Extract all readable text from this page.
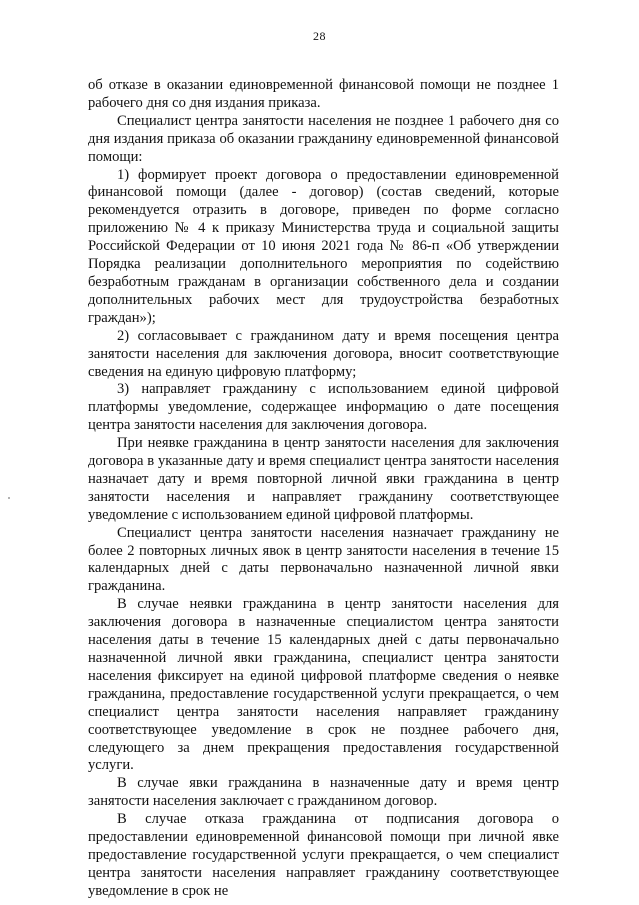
28

об отказе в оказании единовременной финансовой помощи не позднее 1 рабочего дня со дня издания приказа.

Специалист центра занятости населения не позднее 1 рабочего дня со дня издания приказа об оказании гражданину единовременной финансовой помощи:

1) формирует проект договора о предоставлении единовременной финансовой помощи (далее - договор) (состав сведений, которые рекомендуется отразить в договоре, приведен по форме согласно приложению № 4 к приказу Министерства труда и социальной защиты Российской Федерации от 10 июня 2021 года № 86-п «Об утверждении Порядка реализации дополнительного мероприятия по содействию безработным гражданам в организации собственного дела и создании дополнительных рабочих мест для трудоустройства безработных граждан»);

2) согласовывает с гражданином дату и время посещения центра занятости населения для заключения договора, вносит соответствующие сведения на единую цифровую платформу;

3) направляет гражданину с использованием единой цифровой платформы уведомление, содержащее информацию о дате посещения центра занятости населения для заключения договора.

При неявке гражданина в центр занятости населения для заключения договора в указанные дату и время специалист центра занятости населения назначает дату и время повторной личной явки гражданина в центр занятости населения и направляет гражданину соответствующее уведомление с использованием единой цифровой платформы.

Специалист центра занятости населения назначает гражданину не более 2 повторных личных явок в центр занятости населения в течение 15 календарных дней с даты первоначально назначенной личной явки гражданина.

В случае неявки гражданина в центр занятости населения для заключения договора в назначенные специалистом центра занятости населения даты в течение 15 календарных дней с даты первоначально назначенной личной явки гражданина, специалист центра занятости населения фиксирует на единой цифровой платформе сведения о неявке гражданина, предоставление государственной услуги прекращается, о чем специалист центра занятости населения направляет гражданину соответствующее уведомление в срок не позднее рабочего дня, следующего за днем прекращения предоставления государственной услуги.

В случае явки гражданина в назначенные дату и время центр занятости населения заключает с гражданином договор.

В случае отказа гражданина от подписания договора о предоставлении единовременной финансовой помощи при личной явке предоставление государственной услуги прекращается, о чем специалист центра занятости населения направляет гражданину соответствующее уведомление в срок не
